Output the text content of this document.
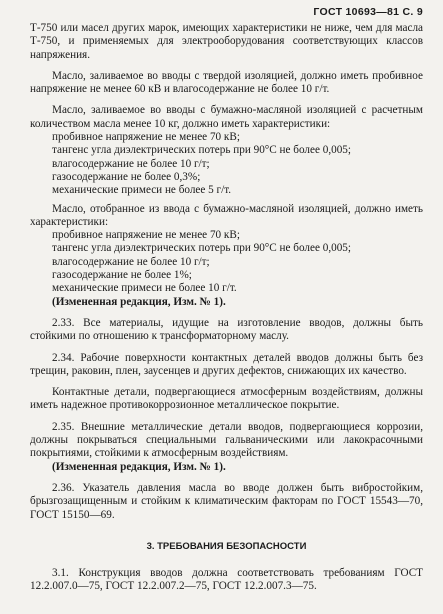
ГОСТ 10693—81 С. 9

Т-750 или масел других марок, имеющих характеристики не ниже, чем для масла Т-750, и применяемых для электрооборудования соответствующих классов напряжения.

Масло, заливаемое во вводы с твердой изоляцией, должно иметь пробивное напряжение не менее 60 кВ и влагосодержание не более 10 г/т.

Масло, заливаемое во вводы с бумажно-масляной изоляцией с расчетным количеством масла менее 10 кг, должно иметь характеристики:

пробивное напряжение не менее 70 кВ;

тангенс угла диэлектрических потерь при 90°С не более 0,005;

влагосодержание не более 10 г/т;

газосодержание не более 0,3%;

механические примеси не более 5 г/т.

Масло, отобранное из ввода с бумажно-масляной изоляцией, должно иметь характеристики:

пробивное напряжение не менее 70 кВ;

тангенс угла диэлектрических потерь при 90°С не более 0,005;

влагосодержание не более 10 г/т;

газосодержание не более 1%;

механические примеси не более 10 г/т.

(Измененная редакция, Изм. № 1).

2.33. Все материалы, идущие на изготовление вводов, должны быть стойкими по отношению к трансформаторному маслу.

2.34. Рабочие поверхности контактных деталей вводов должны быть без трещин, раковин, плен, заусенцев и других дефектов, снижающих их качество.

Контактные детали, подвергающиеся атмосферным воздействиям, должны иметь надежное противокоррозионное металлическое покрытие.

2.35. Внешние металлические детали вводов, подвергающиеся коррозии, должны покрываться специальными гальваническими или лакокрасочными покрытиями, стойкими к атмосферным воздействиям.

(Измененная редакция, Изм. № 1).

2.36. Указатель давления масла во вводе должен быть вибростойким, брызгозащищенным и стойким к климатическим факторам по ГОСТ 15543—70, ГОСТ 15150—69.

3. ТРЕБОВАНИЯ БЕЗОПАСНОСТИ

3.1. Конструкция вводов должна соответствовать требованиям ГОСТ 12.2.007.0—75, ГОСТ 12.2.007.2—75, ГОСТ 12.2.007.3—75.
